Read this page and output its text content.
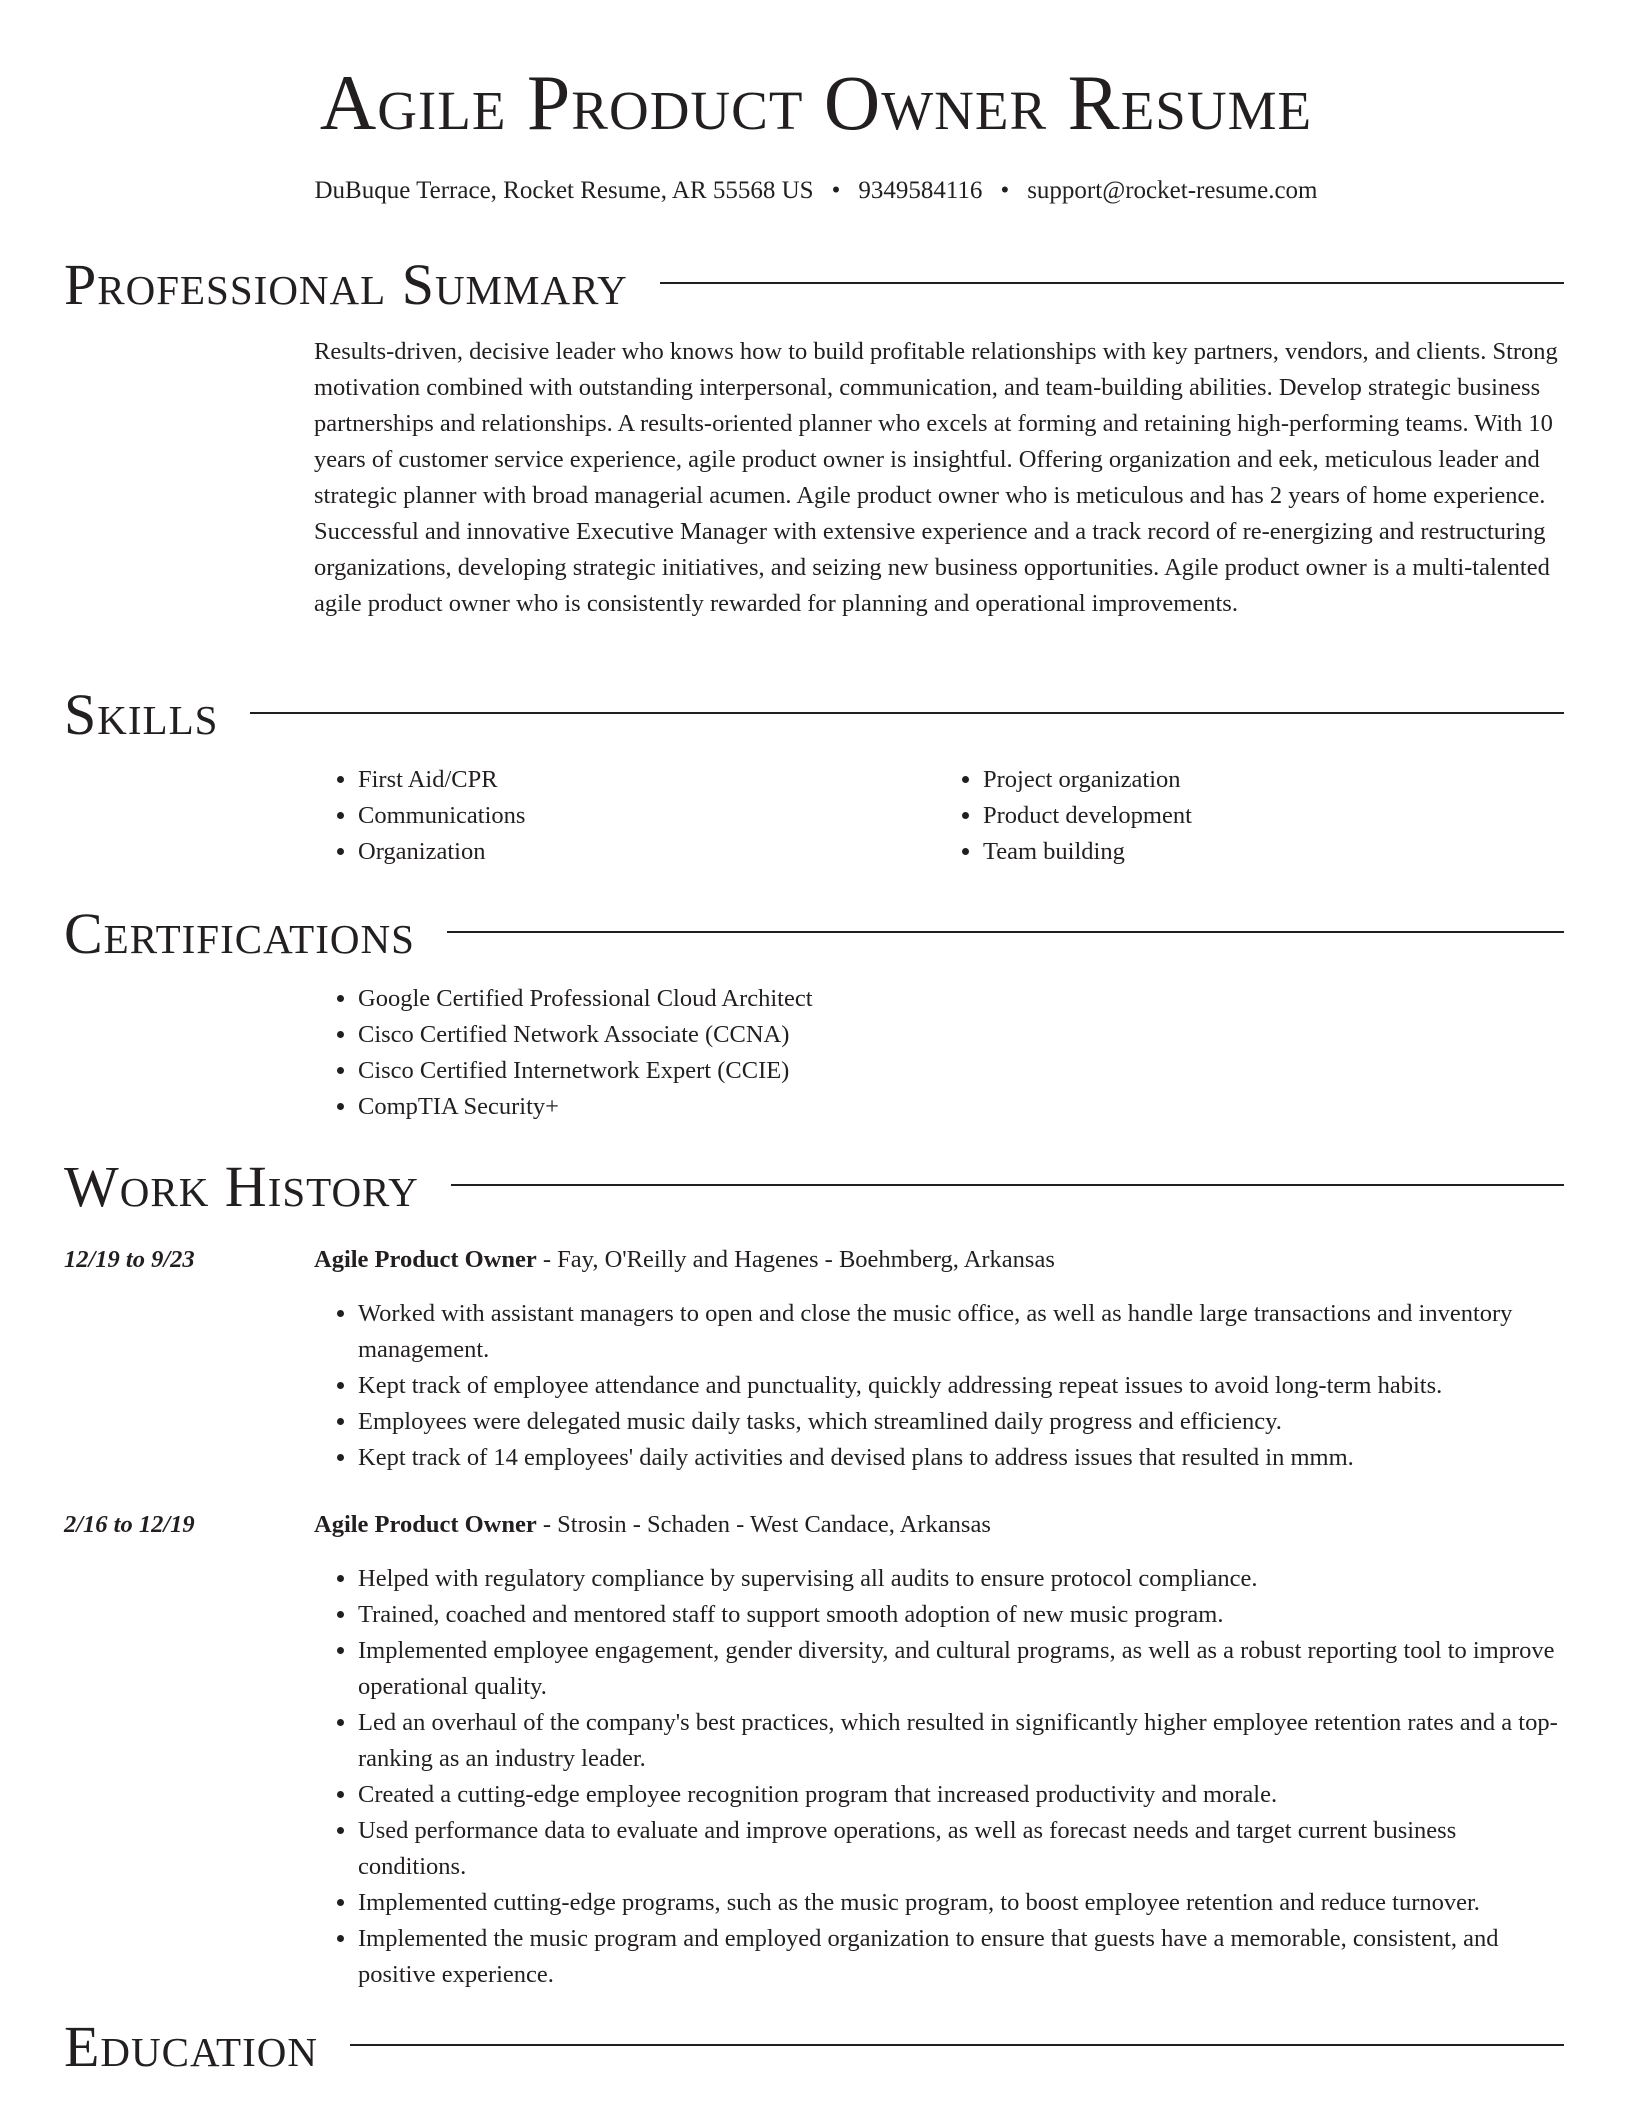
Agile Product Owner Resume
DuBuque Terrace, Rocket Resume, AR 55568 US • 9349584116 • support@rocket-resume.com
Professional Summary
Results-driven, decisive leader who knows how to build profitable relationships with key partners, vendors, and clients. Strong motivation combined with outstanding interpersonal, communication, and team-building abilities. Develop strategic business partnerships and relationships. A results-oriented planner who excels at forming and retaining high-performing teams. With 10 years of customer service experience, agile product owner is insightful. Offering organization and eek, meticulous leader and strategic planner with broad managerial acumen. Agile product owner who is meticulous and has 2 years of home experience. Successful and innovative Executive Manager with extensive experience and a track record of re-energizing and restructuring organizations, developing strategic initiatives, and seizing new business opportunities. Agile product owner is a multi-talented agile product owner who is consistently rewarded for planning and operational improvements.
Skills
• First Aid/CPR
• Communications
• Organization
• Project organization
• Product development
• Team building
Certifications
• Google Certified Professional Cloud Architect
• Cisco Certified Network Associate (CCNA)
• Cisco Certified Internetwork Expert (CCIE)
• CompTIA Security+
Work History
12/19 to 9/23	Agile Product Owner - Fay, O'Reilly and Hagenes - Boehmberg, Arkansas
• Worked with assistant managers to open and close the music office, as well as handle large transactions and inventory management.
• Kept track of employee attendance and punctuality, quickly addressing repeat issues to avoid long-term habits.
• Employees were delegated music daily tasks, which streamlined daily progress and efficiency.
• Kept track of 14 employees' daily activities and devised plans to address issues that resulted in mmm.
2/16 to 12/19	Agile Product Owner - Strosin - Schaden - West Candace, Arkansas
• Helped with regulatory compliance by supervising all audits to ensure protocol compliance.
• Trained, coached and mentored staff to support smooth adoption of new music program.
• Implemented employee engagement, gender diversity, and cultural programs, as well as a robust reporting tool to improve operational quality.
• Led an overhaul of the company's best practices, which resulted in significantly higher employee retention rates and a top-ranking as an industry leader.
• Created a cutting-edge employee recognition program that increased productivity and morale.
• Used performance data to evaluate and improve operations, as well as forecast needs and target current business conditions.
• Implemented cutting-edge programs, such as the music program, to boost employee retention and reduce turnover.
• Implemented the music program and employed organization to ensure that guests have a memorable, consistent, and positive experience.
Education
